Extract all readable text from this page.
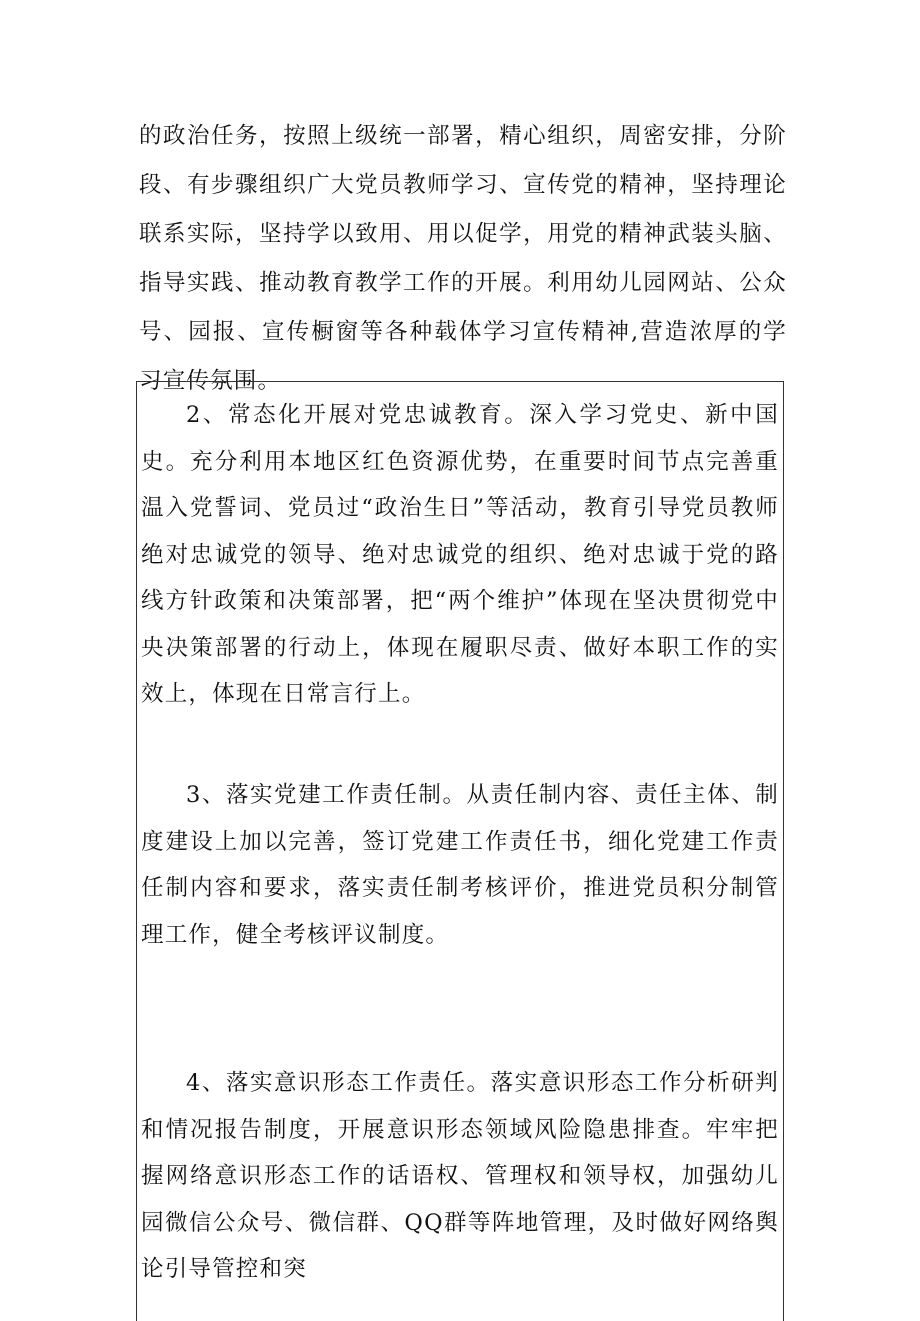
的政治任务，按照上级统一部署，精心组织，周密安排，分阶段、有步骤组织广大党员教师学习、宣传党的精神，坚持理论联系实际，坚持学以致用、用以促学，用党的精神武装头脑、指导实践、推动教育教学工作的开展。利用幼儿园网站、公众号、园报、宣传橱窗等各种载体学习宣传精神,营造浓厚的学习宣传氛围。

2、常态化开展对党忠诚教育。深入学习党史、新中国史。充分利用本地区红色资源优势，在重要时间节点完善重温入党誓词、党员过“政治生日”等活动，教育引导党员教师绝对忠诚党的领导、绝对忠诚党的组织、绝对忠诚于党的路线方针政策和决策部署，把“两个维护”体现在坚决贯彻党中央决策部署的行动上，体现在履职尽责、做好本职工作的实效上，体现在日常言行上。

3、落实党建工作责任制。从责任制内容、责任主体、制度建设上加以完善，签订党建工作责任书，细化党建工作责任制内容和要求，落实责任制考核评价，推进党员积分制管理工作，健全考核评议制度。

4、落实意识形态工作责任。落实意识形态工作分析研判和情况报告制度，开展意识形态领域风险隐患排查。牢牢把握网络意识形态工作的话语权、管理权和领导权，加强幼儿园微信公众号、微信群、QQ群等阵地管理，及时做好网络舆论引导管控和突
